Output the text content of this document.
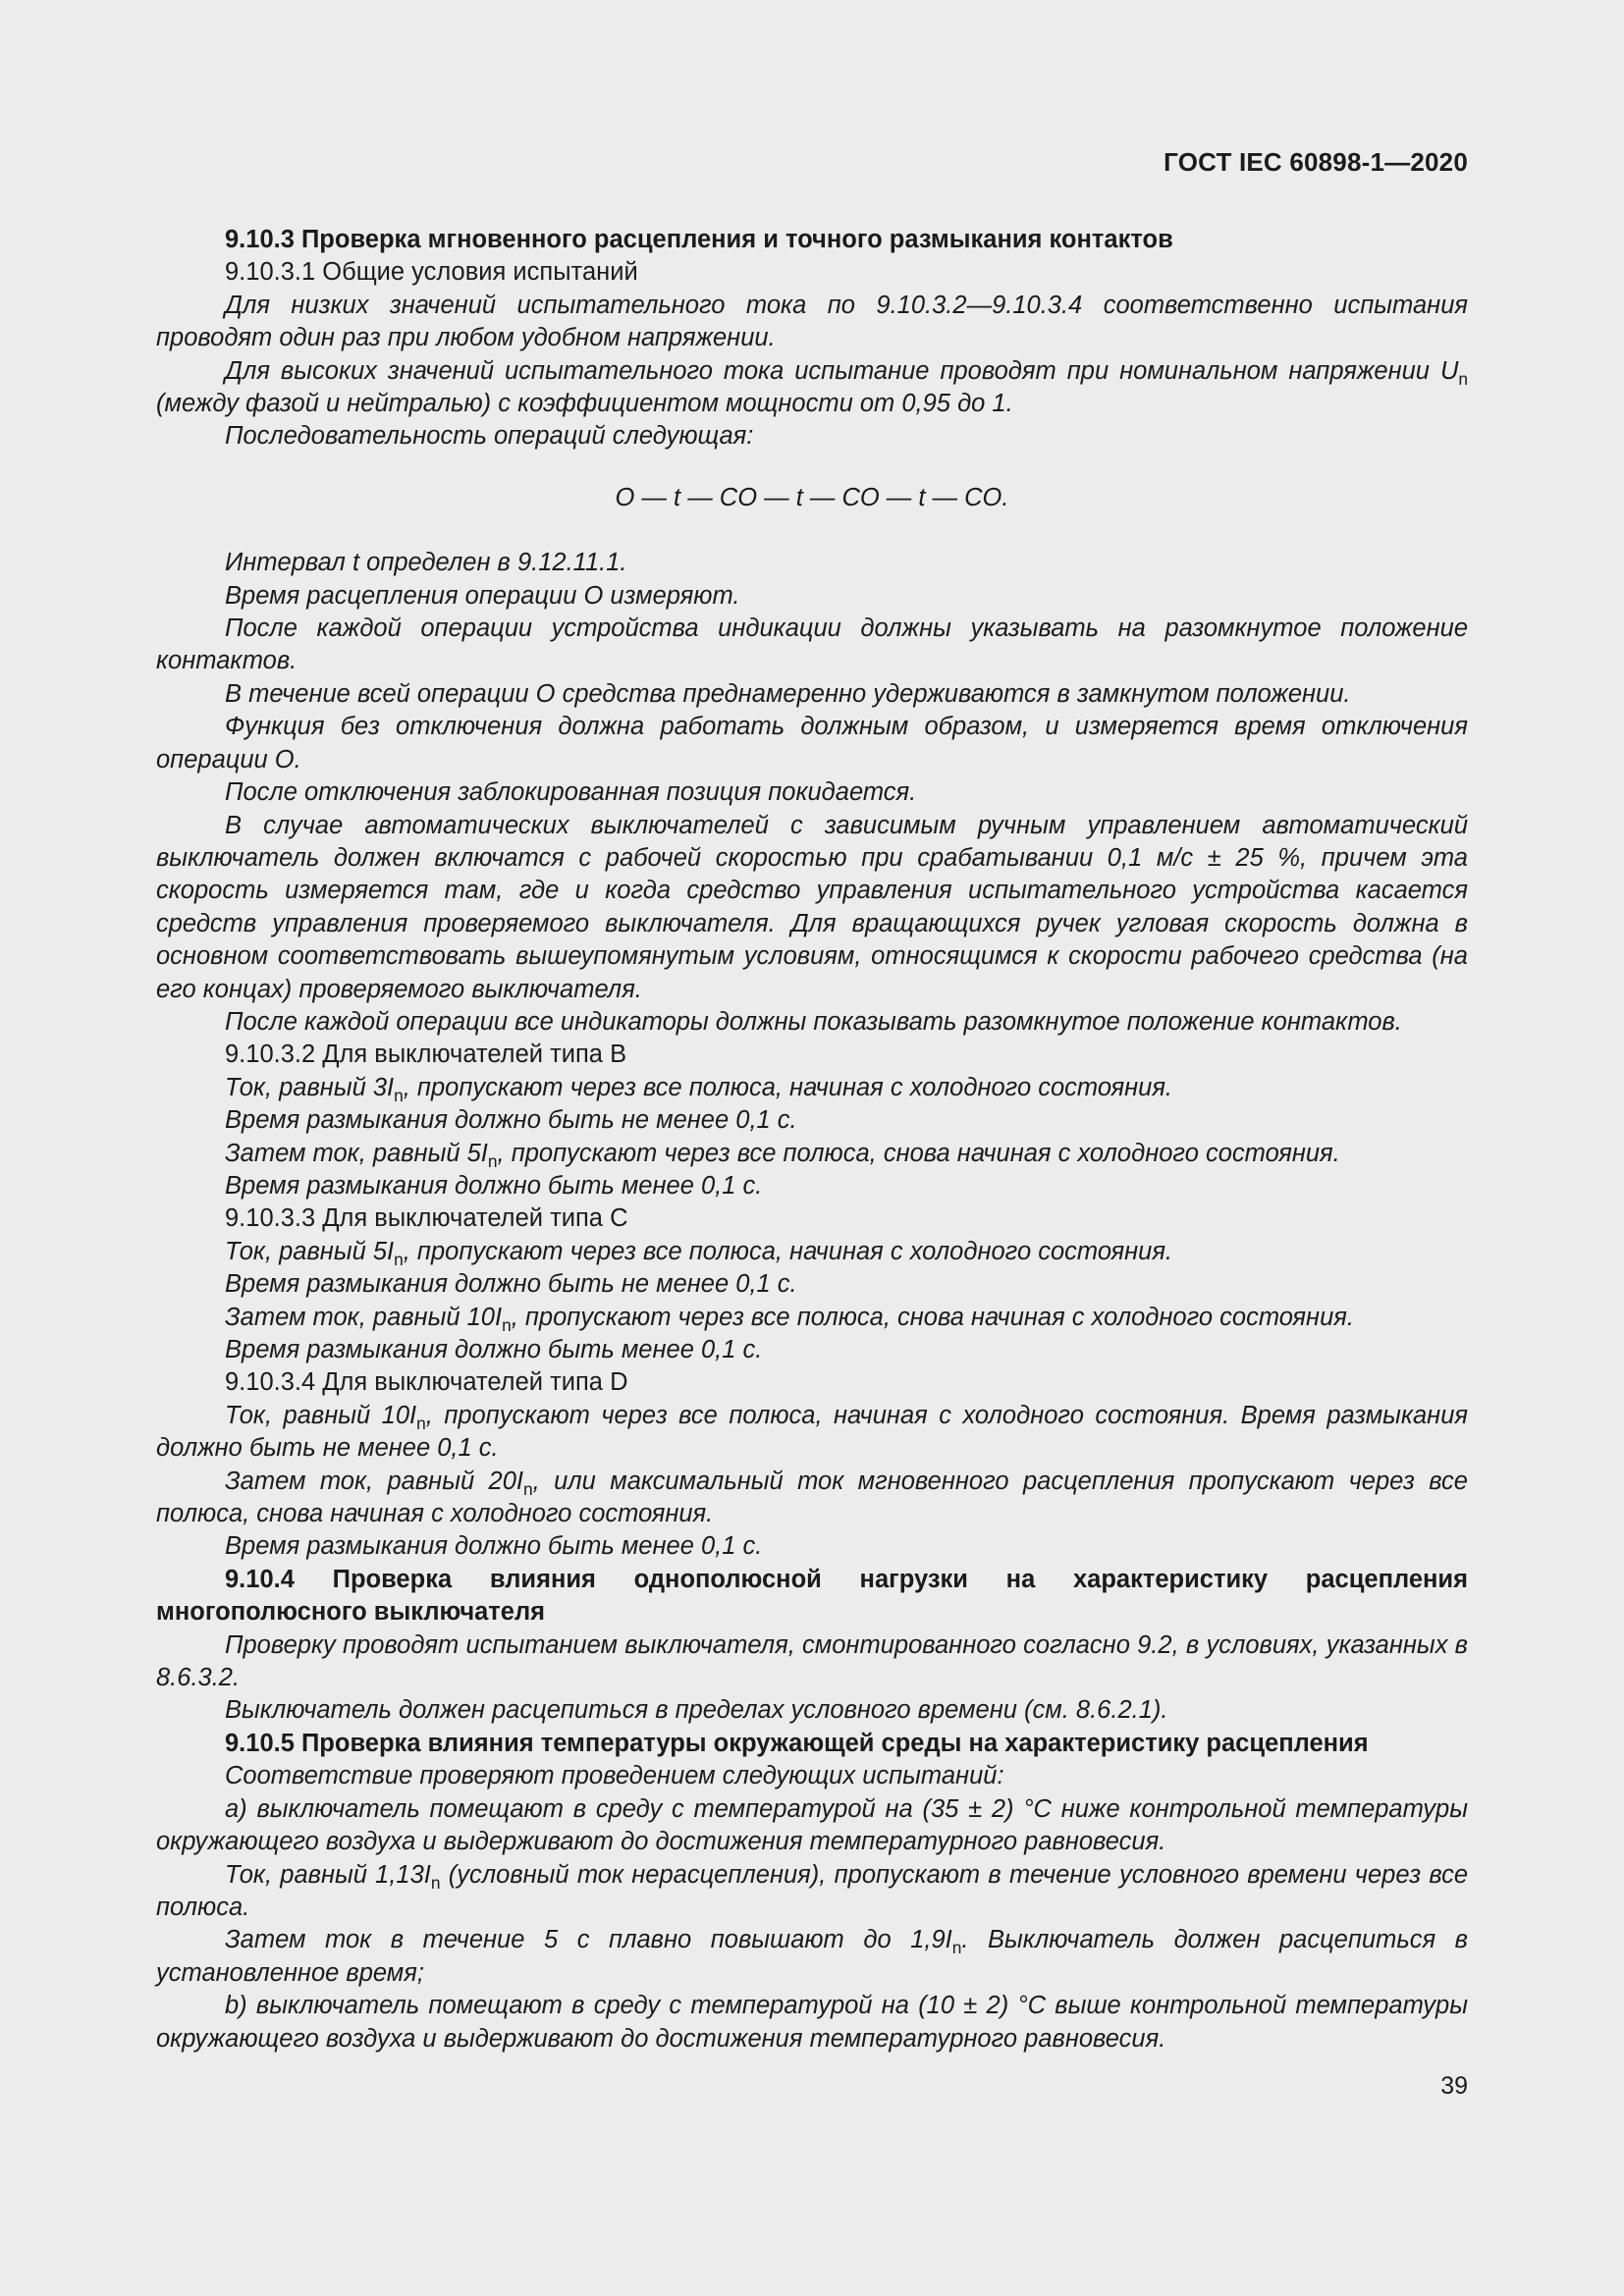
ГОСТ IEC 60898-1—2020

9.10.3 Проверка мгновенного расцепления и точного размыкания контактов

9.10.3.1 Общие условия испытаний

Для низких значений испытательного тока по 9.10.3.2—9.10.3.4 соответственно испытания проводят один раз при любом удобном напряжении.

Для высоких значений испытательного тока испытание проводят при номинальном напряжении $U_n$ (между фазой и нейтралью) с коэффициентом мощности от 0,95 до 1.

Последовательность операций следующая:

O — t — CO — t — CO — t — CO.

Интервал t определен в 9.12.11.1.

Время расцепления операции O измеряют.

После каждой операции устройства индикации должны указывать на разомкнутое положение контактов.

В течение всей операции O средства преднамеренно удерживаются в замкнутом положении.

Функция без отключения должна работать должным образом, и измеряется время отключения операции O.

После отключения заблокированная позиция покидается.

В случае автоматических выключателей с зависимым ручным управлением автоматический выключатель должен включатся с рабочей скоростью при срабатывании 0,1 м/с ± 25 %, причем эта скорость измеряется там, где и когда средство управления испытательного устройства касается средств управления проверяемого выключателя. Для вращающихся ручек угловая скорость должна в основном соответствовать вышеупомянутым условиям, относящимся к скорости рабочего средства (на его концах) проверяемого выключателя.

После каждой операции все индикаторы должны показывать разомкнутое положение контактов.

9.10.3.2 Для выключателей типа B

Ток, равный $3I_n$, пропускают через все полюса, начиная с холодного состояния.

Время размыкания должно быть не менее 0,1 с.

Затем ток, равный $5I_n$, пропускают через все полюса, снова начиная с холодного состояния.

Время размыкания должно быть менее 0,1 с.

9.10.3.3 Для выключателей типа C

Ток, равный $5I_n$, пропускают через все полюса, начиная с холодного состояния.

Время размыкания должно быть не менее 0,1 с.

Затем ток, равный $10I_n$, пропускают через все полюса, снова начиная с холодного состояния.

Время размыкания должно быть менее 0,1 с.

9.10.3.4 Для выключателей типа D

Ток, равный $10I_n$, пропускают через все полюса, начиная с холодного состояния. Время размыкания должно быть не менее 0,1 с.

Затем ток, равный $20I_n$, или максимальный ток мгновенного расцепления пропускают через все полюса, снова начиная с холодного состояния.

Время размыкания должно быть менее 0,1 с.

9.10.4 Проверка влияния однополюсной нагрузки на характеристику расцепления многополюсного выключателя

Проверку проводят испытанием выключателя, смонтированного согласно 9.2, в условиях, указанных в 8.6.3.2.

Выключатель должен расцепиться в пределах условного времени (см. 8.6.2.1).

9.10.5 Проверка влияния температуры окружающей среды на характеристику расцепления

Соответствие проверяют проведением следующих испытаний:

a) выключатель помещают в среду с температурой на (35 ± 2) °C ниже контрольной температуры окружающего воздуха и выдерживают до достижения температурного равновесия.

Ток, равный $1,13I_n$ (условный ток нерасцепления), пропускают в течение условного времени через все полюса.

Затем ток в течение 5 с плавно повышают до $1,9I_n$. Выключатель должен расцепиться в установленное время;

b) выключатель помещают в среду с температурой на (10 ± 2) °C выше контрольной температуры окружающего воздуха и выдерживают до достижения температурного равновесия.

39
